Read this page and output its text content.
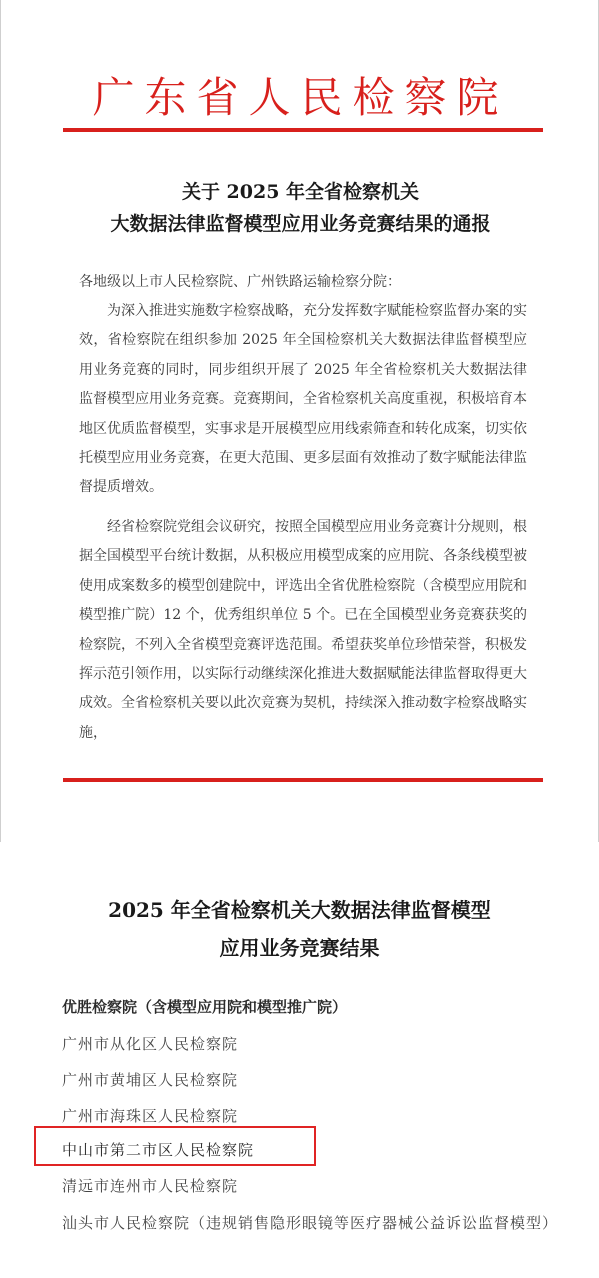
广东省人民检察院
关于 2025 年全省检察机关
大数据法律监督模型应用业务竞赛结果的通报
各地级以上市人民检察院、广州铁路运输检察分院：
为深入推进实施数字检察战略，充分发挥数字赋能检察监督办案的实效，省检察院在组织参加 2025 年全国检察机关大数据法律监督模型应用业务竞赛的同时，同步组织开展了 2025 年全省检察机关大数据法律监督模型应用业务竞赛。竞赛期间，全省检察机关高度重视，积极培育本地区优质监督模型，实事求是开展模型应用线索筛查和转化成案，切实依托模型应用业务竞赛，在更大范围、更多层面有效推动了数字赋能法律监督提质增效。
经省检察院党组会议研究，按照全国模型应用业务竞赛计分规则，根据全国模型平台统计数据，从积极应用模型成案的应用院、各条线模型被使用成案数多的模型创建院中，评选出全省优胜检察院（含模型应用院和模型推广院）12 个，优秀组织单位 5 个。已在全国模型业务竞赛获奖的检察院，不列入全省模型竞赛评选范围。希望获奖单位珍惜荣誉，积极发挥示范引领作用，以实际行动继续深化推进大数据赋能法律监督取得更大成效。全省检察机关要以此次竞赛为契机，持续深入推动数字检察战略实施，
2025 年全省检察机关大数据法律监督模型
应用业务竞赛结果
优胜检察院（含模型应用院和模型推广院）
广州市从化区人民检察院
广州市黄埔区人民检察院
广州市海珠区人民检察院
中山市第二市区人民检察院
清远市连州市人民检察院
汕头市人民检察院（违规销售隐形眼镜等医疗器械公益诉讼监督模型）
